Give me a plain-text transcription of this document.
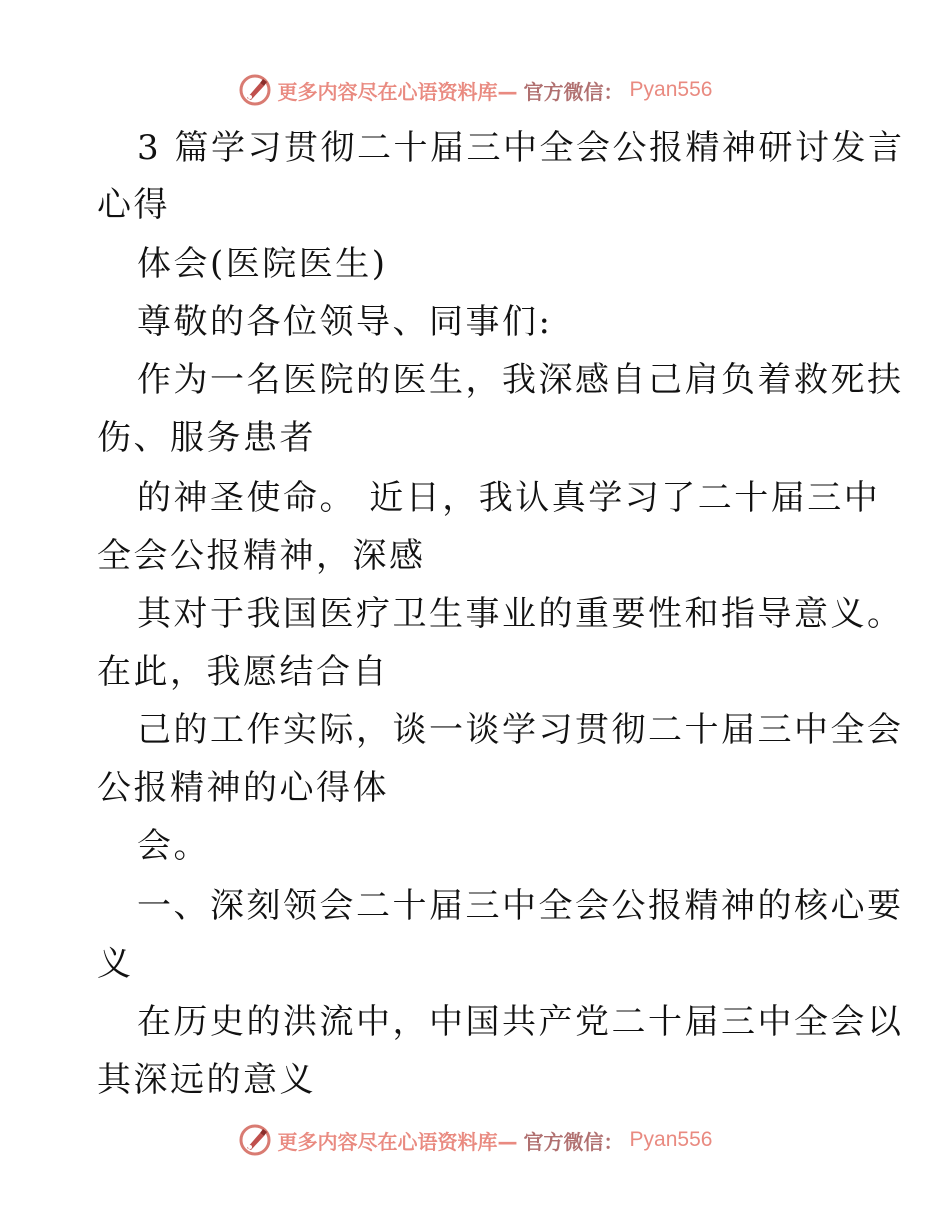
更多内容尽在心语资料库— 官方微信： Pyan556
3 篇学习贯彻二十届三中全会公报精神研讨发言
心得
体会(医院医生)
尊敬的各位领导、同事们:
作为一名医院的医生，我深感自己肩负着救死扶
伤、服务患者
的神圣使命。 近日，我认真学习了二十届三中
全会公报精神，深感
其对于我国医疗卫生事业的重要性和指导意义。
在此，我愿结合自
己的工作实际，谈一谈学习贯彻二十届三中全会
公报精神的心得体
会。
一、深刻领会二十届三中全会公报精神的核心要
义
在历史的洪流中，中国共产党二十届三中全会以
其深远的意义
更多内容尽在心语资料库— 官方微信： Pyan556
